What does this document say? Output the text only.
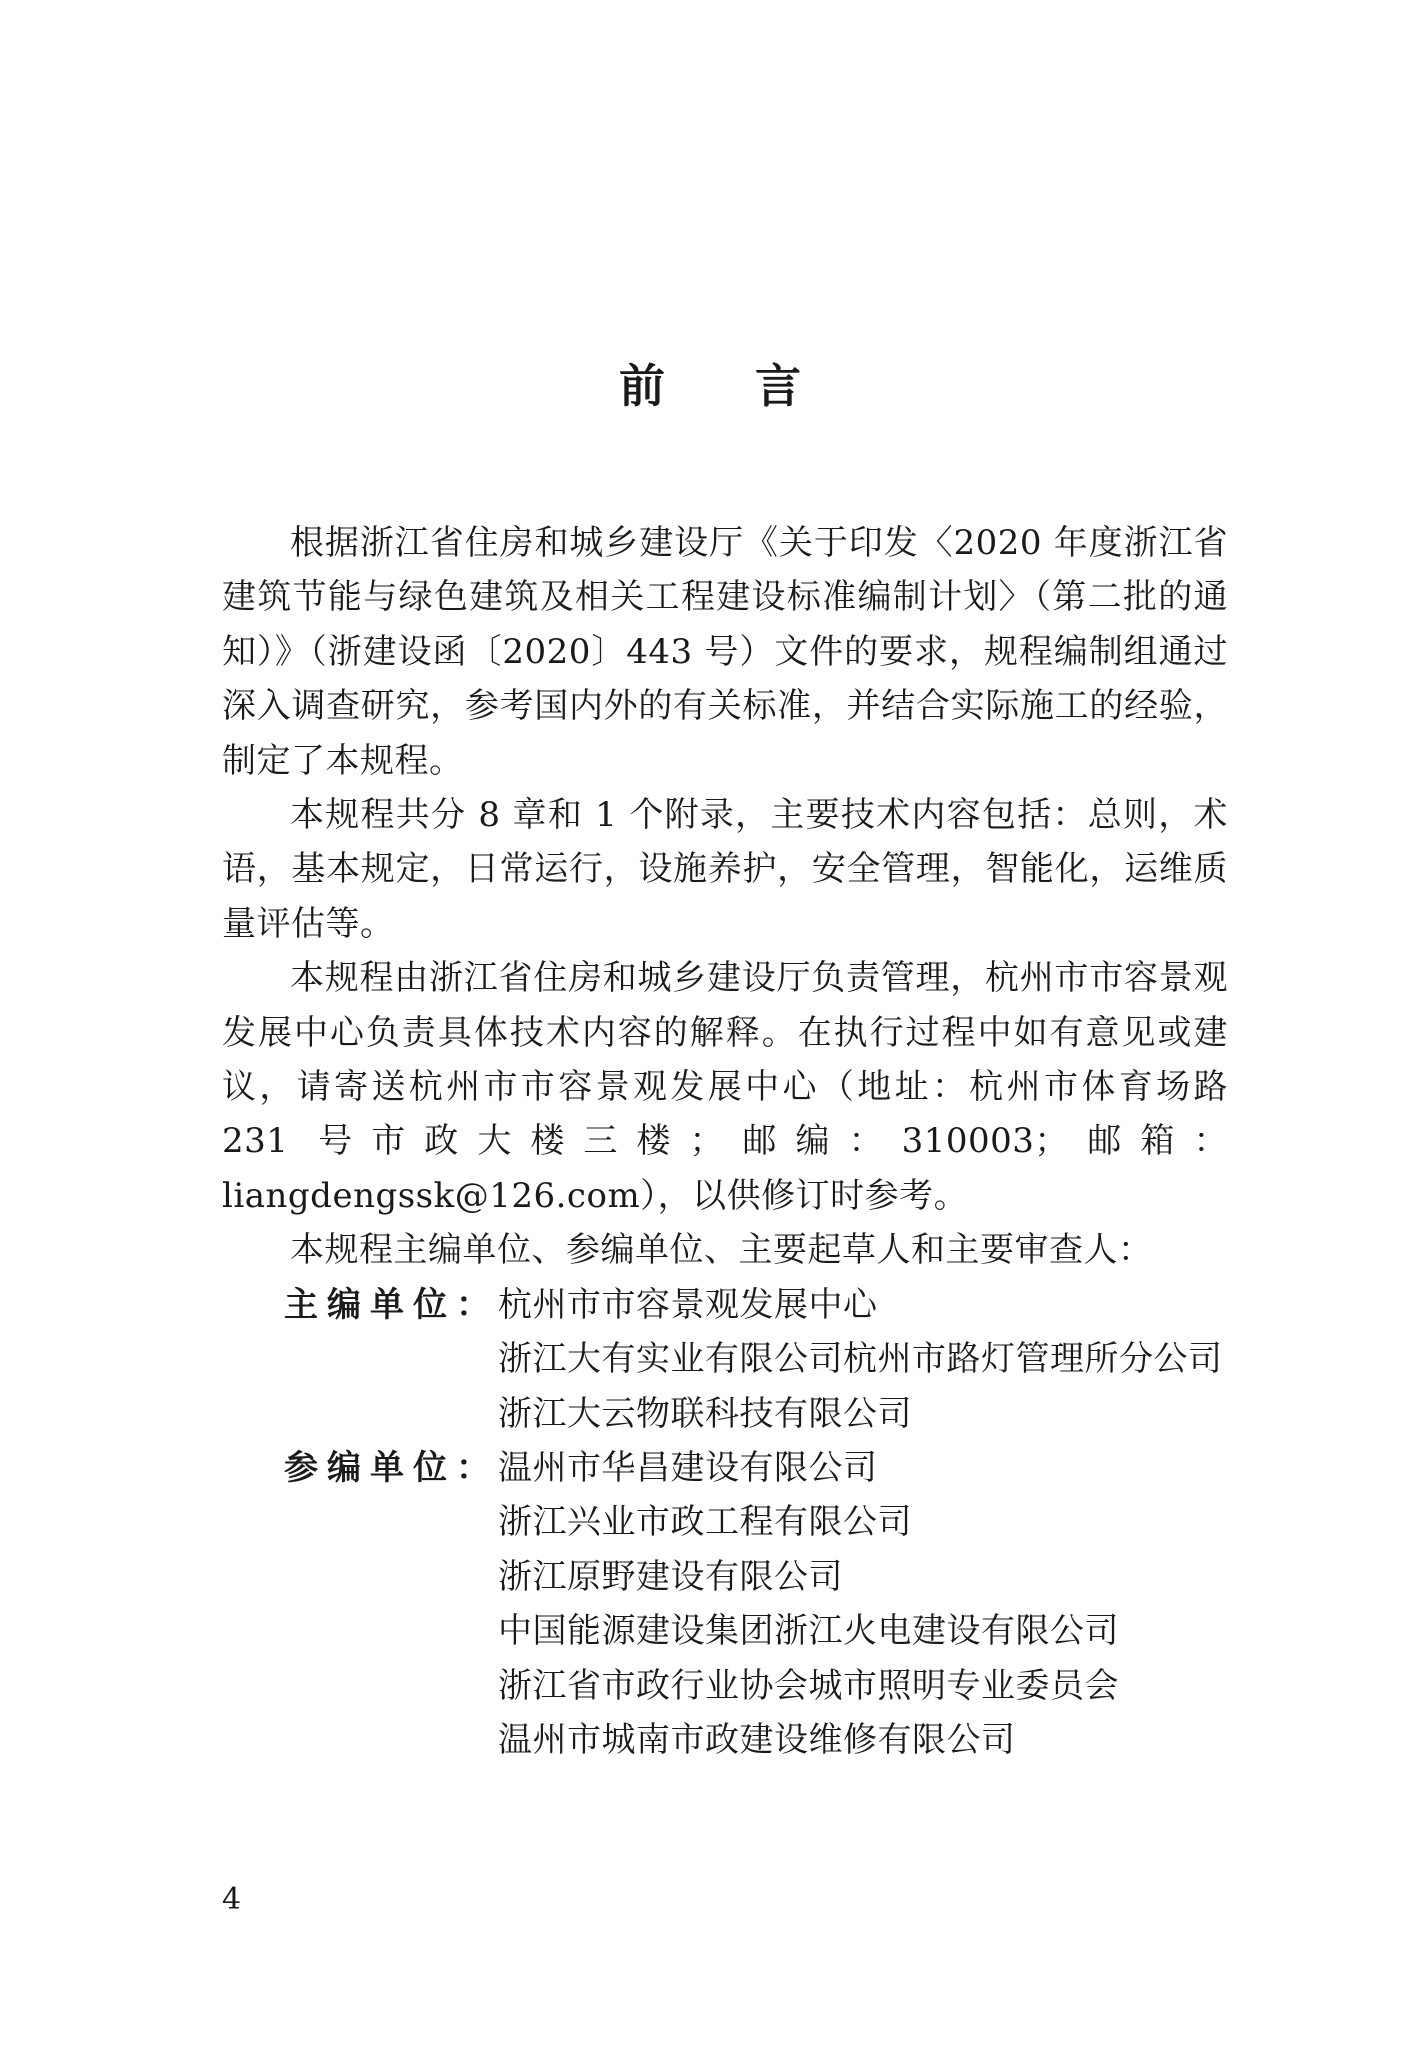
前言

根据浙江省住房和城乡建设厅《关于印发〈2020 年度浙江省建筑节能与绿色建筑及相关工程建设标准编制计划〉（第二批的通知）》（浙建设函〔2020〕443 号）文件的要求，规程编制组通过深入调查研究，参考国内外的有关标准，并结合实际施工的经验，制定了本规程。

本规程共分 8 章和 1 个附录，主要技术内容包括：总则，术语，基本规定，日常运行，设施养护，安全管理，智能化，运维质量评估等。

本规程由浙江省住房和城乡建设厅负责管理，杭州市市容景观发展中心负责具体技术内容的解释。在执行过程中如有意见或建议，请寄送杭州市市容景观发展中心（地址：杭州市体育场路 231 号市政大楼三楼；邮编：310003；邮箱：liangdengssk@126.com），以供修订时参考。

本规程主编单位、参编单位、主要起草人和主要审查人：

主编单位： 杭州市市容景观发展中心
浙江大有实业有限公司杭州市路灯管理所分公司
浙江大云物联科技有限公司
参编单位： 温州市华昌建设有限公司
浙江兴业市政工程有限公司
浙江原野建设有限公司
中国能源建设集团浙江火电建设有限公司
浙江省市政行业协会城市照明专业委员会
温州市城南市政建设维修有限公司
4
